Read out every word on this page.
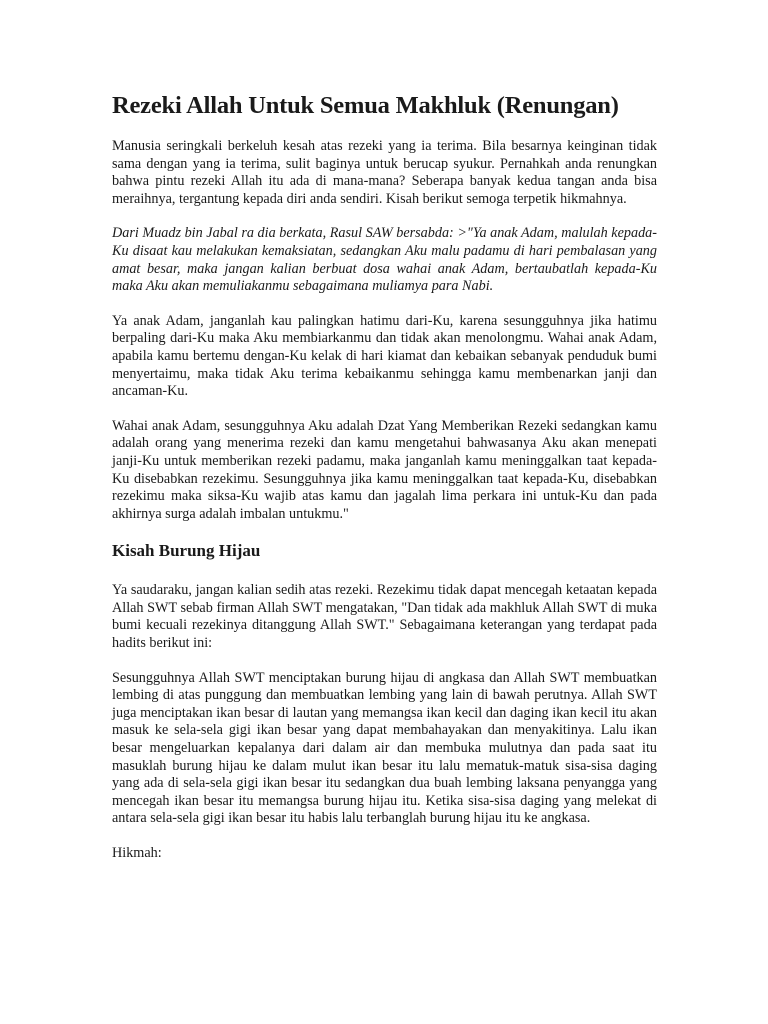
Rezeki Allah Untuk Semua Makhluk (Renungan)

Manusia seringkali berkeluh kesah atas rezeki yang ia terima. Bila besarnya keinginan tidak sama dengan yang ia terima, sulit baginya untuk berucap syukur. Pernahkah anda renungkan bahwa pintu rezeki Allah itu ada di mana-mana? Seberapa banyak kedua tangan anda bisa meraihnya, tergantung kepada diri anda sendiri. Kisah berikut semoga terpetik hikmahnya.

Dari Muadz bin Jabal ra dia berkata, Rasul SAW bersabda: >"Ya anak Adam, malulah kepada-Ku disaat kau melakukan kemaksiatan, sedangkan Aku malu padamu di hari pembalasan yang amat besar, maka jangan kalian berbuat dosa wahai anak Adam, bertaubatlah kepada-Ku maka Aku akan memuliakanmu sebagaimana muliamya para Nabi.

Ya anak Adam, janganlah kau palingkan hatimu dari-Ku, karena sesungguhnya jika hatimu berpaling dari-Ku maka Aku membiarkanmu dan tidak akan menolongmu. Wahai anak Adam, apabila kamu bertemu dengan-Ku kelak di hari kiamat dan kebaikan sebanyak penduduk bumi menyertaimu, maka tidak Aku terima kebaikanmu sehingga kamu membenarkan janji dan ancaman-Ku.

Wahai anak Adam, sesungguhnya Aku adalah Dzat Yang Memberikan Rezeki sedangkan kamu adalah orang yang menerima rezeki dan kamu mengetahui bahwasanya Aku akan menepati janji-Ku untuk memberikan rezeki padamu, maka janganlah kamu meninggalkan taat kepada-Ku disebabkan rezekimu. Sesungguhnya jika kamu meninggalkan taat kepada-Ku, disebabkan rezekimu maka siksa-Ku wajib atas kamu dan jagalah lima perkara ini untuk-Ku dan pada akhirnya surga adalah imbalan untukmu."

Kisah Burung Hijau

Ya saudaraku, jangan kalian sedih atas rezeki. Rezekimu tidak dapat mencegah ketaatan kepada Allah SWT sebab firman Allah SWT mengatakan, "Dan tidak ada makhluk Allah SWT di muka bumi kecuali rezekinya ditanggung Allah SWT." Sebagaimana keterangan yang terdapat pada hadits berikut ini:

Sesungguhnya Allah SWT menciptakan burung hijau di angkasa dan Allah SWT membuatkan lembing di atas punggung dan membuatkan lembing yang lain di bawah perutnya. Allah SWT juga menciptakan ikan besar di lautan yang memangsa ikan kecil dan daging ikan kecil itu akan masuk ke sela-sela gigi ikan besar yang dapat membahayakan dan menyakitinya. Lalu ikan besar mengeluarkan kepalanya dari dalam air dan membuka mulutnya dan pada saat itu masuklah burung hijau ke dalam mulut ikan besar itu lalu mematuk-matuk sisa-sisa daging yang ada di sela-sela gigi ikan besar itu sedangkan dua buah lembing laksana penyangga yang mencegah ikan besar itu memangsa burung hijau itu. Ketika sisa-sisa daging yang melekat di antara sela-sela gigi ikan besar itu habis lalu terbanglah burung hijau itu ke angkasa.

Hikmah:
